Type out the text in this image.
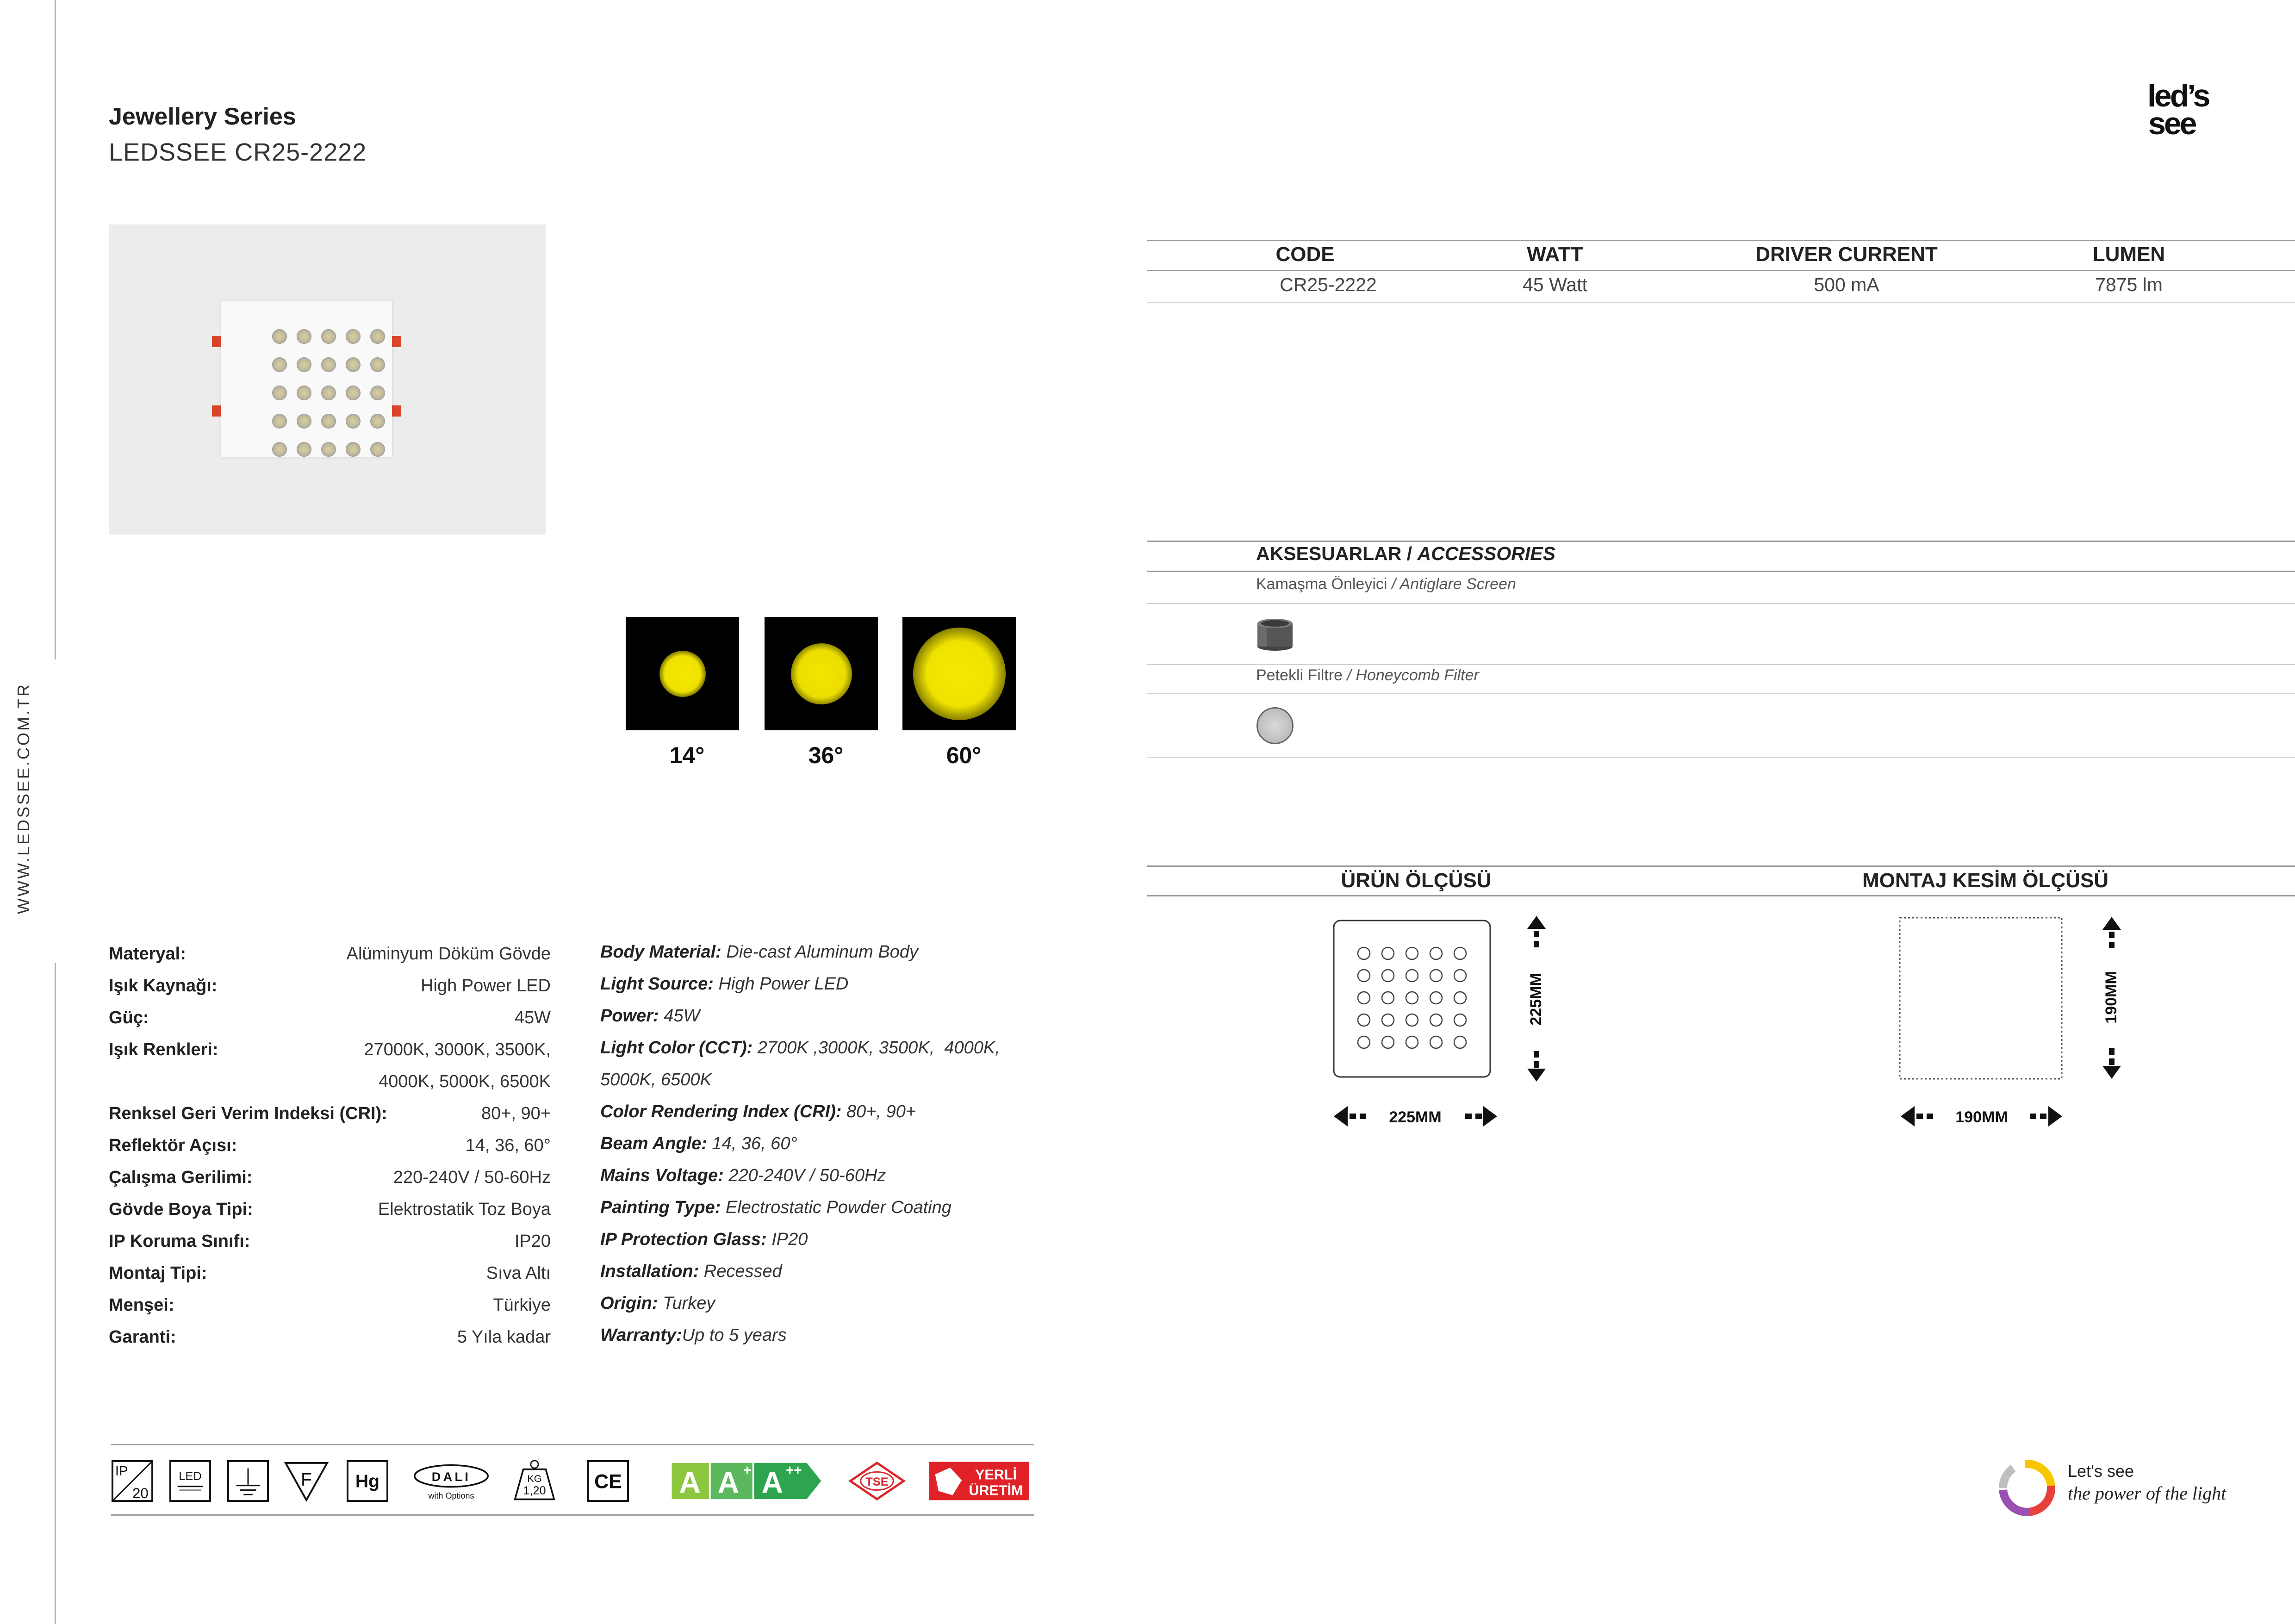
WWW.LEDSSEE.COM.TR
Jewellery Series
LEDSSEE CR25-2222
led’s
see
14°	36°	60°
CODE	WATT	DRIVER CURRENT	LUMEN
CR25-2222	45 Watt	500 mA	7875 lm
AKSESUARLAR / ACCESSORIES
Kamaşma Önleyici / Antiglare Screen
Petekli Filtre / Honeycomb Filter
ÜRÜN ÖLÇÜSÜ	MONTAJ KESİM ÖLÇÜSÜ
225MM
225MM
190MM
190MM
Materyal:	Alüminyum Döküm Gövde
Işık Kaynağı:	High Power LED
Güç:	45W
Işık Renkleri:	27000K, 3000K, 3500K,
4000K, 5000K, 6500K
Renksel Geri Verim Indeksi (CRI):	80+, 90+
Reflektör Açısı:	14, 36, 60°
Çalışma Gerilimi:	220-240V / 50-60Hz
Gövde Boya Tipi:	Elektrostatik Toz Boya
IP Koruma Sınıfı:	IP20
Montaj Tipi:	Sıva Altı
Menşei:	Türkiye
Garanti:	5 Yıla kadar
Body Material: Die-cast Aluminum Body
Light Source: High Power LED
Power: 45W
Light Color (CCT): 2700K ,3000K, 3500K,  4000K,
5000K, 6500K
Color Rendering Index (CRI): 80+, 90+
Beam Angle: 14, 36, 60°
Mains Voltage: 220-240V / 50-60Hz
Painting Type: Electrostatic Powder Coating
IP Protection Glass: IP20
Installation: Recessed
Origin: Turkey
Warranty:Up to 5 years
IP
20
LED	F Hg	DALI
with Options
KG
1,20 CE A A + A ++
TSE	YERLİ
ÜRETİM
Let's see
the power of the light
